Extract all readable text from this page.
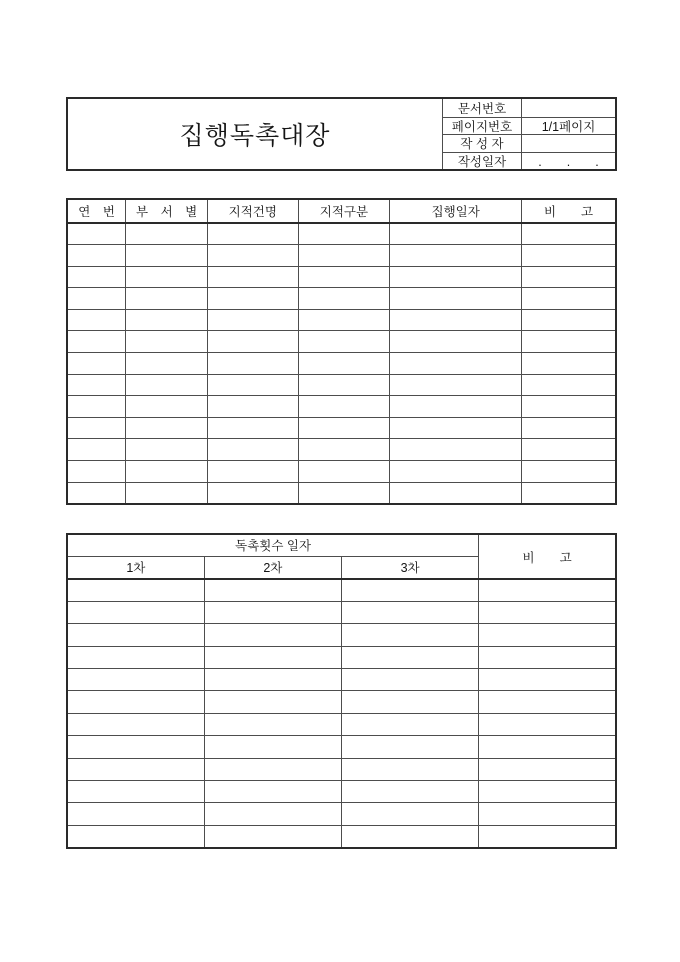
집행독촉대장
문서번호
페이지번호	1/1페이지
작 성 자
작성일자	.　　.　　.
연　번	부　서　별	지적건명	지적구분	집행일자	비　　고

독촉횟수 일자			비　　고
1차	2차	3차	
